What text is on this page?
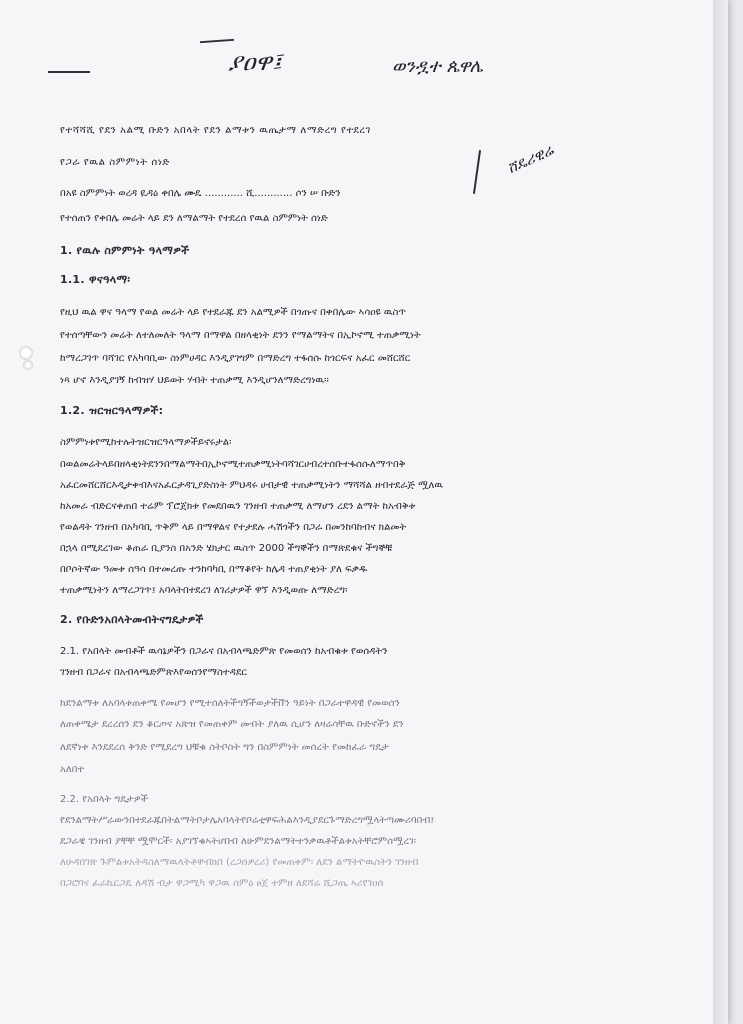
ያዐዋ፤	ወንዷተ ጴዋሌ
ሸዴሪዊሬ
የተሻሻሺ የደን አልሚ ቡድን አበላት የደን ልማቱን ዉጤታማ ለማድረግ የተደረገ
የጋራ የዉል ስምምነት ሰነድ
በአዩ ስምምነት ወረዳ ዪዳዕ ቀበሌ ሙዴ ............ ሺ............ ሶን ሠ ቡድን
የተሰጠን የቀበሌ መሬት ላይ ደን ለማልማት የተደረሰ የዉል ስምምነት ሰነድ
1. የዉሉ ስምምነት ዓላማዎች
1.1. ዋናዓላማ፡
የዚህ ዉል ዋና ዓላማ የወል መሬት ላይ የተደራጁ ደን አልሚዎች በጎጡና በቀበሌው ኣሳዐዩ ዉስጥ
የተሰጣቸውን መሬት ለተለመለት ዓላማ በማዋል በዘላቂነት ደንን የማልማትና በኢኮኖሚ ተጠቃሚነት
ከማረጋገጥ ባሻገር የአካባቢው ስነምሀዳር እንዲያገግም በማድረግ ተፋሰሱ ከጎርፍና አፈር መሸርሸር
ነጻ ሆኖ እንዲያገኝ ከብዝሃ ህይወት ሃብት ተጠቃሚ እንዲሆንለማድረግነዉ።
1.2. ዝርዝርዓላማዎች:
ስምምነቱየሚከተሉትዝርዝርዓላማዎችይኖሩታል፡
በወልመሬትላይበዘላቂነትደንንበማልማትበኢኮኖሚተጠቃሚነትባሻገርሀብረተሰቡተፋሰሱለማጥበቅ
አፈርመሸርሸርእዲታቀብእናአፈርታዳጊያድስነት ምህዳሩ ሀብታዊ ተጠቃሚነትን ማሻሻል ዘብተደራጅ ሟለዉ
ከአመራ ብድርናቀጠበ ተሬም ፕሮጀክቱ የመደበዉን ገንዘብ ተጠቃሚ ለማሆን ረደን ልማት ከአብቅቱ
የወልዳት ገንዘብ በአካባቢ ጥቅም ላይ በማዋልና የተታደሉ ሓሽጎችን በጋራ በመንከባከብና ክልመት
በኋላ በሚደረገው ቆጠራ ቢያንስ በአንድ ሄክታር ዉስጥ 2000 ችግኞችን በማጽደቁና ችግኞቹ
በቦሶትኛው ዓመቱ ሰዓሳ በተመረጡ ተንከባካቢ በማቆየት ከሌዳ ተጠያቂነት ያለ ፍቃዱ
ተጠቃሚነትን ለማረጋገጥ፤ አባላትበተደረገ ለገሪታዎች ዋኘ እንዲወጡ ለማድረግ፡
2. የቡድንአበላትመብትናግዴታዎች
2.1. የአበላት መብቶች ዉሳኔዎችን በጋራና በአብላጫድምጽ የመወሰን ከአብቁቱ የወሰዳትን
ገንዘብ በጋራና በአብላጫድምጽእየወሰንየማስተዳደር
ከደንልማቱ ለአባላቱጠቀሜ የመሆን የሚተሰለትችግኝችወታችቨን ዓይነት በጋራተዋዳዊ የመወሰን
ለጠቀሜታ ደረረሰን ደን ቆርጦና አጽዝ የመጠቀም መብት ያለዉ ሲሆን ለዛሬሳቸዉ ቡድኖችን ደን
ለደኛነቱ እንደደረሰ ቅንድ የሚደረግ ህቹቁ ስትቦስት ግን በስምምነት መሰረት የመከፈራ ግዴታ
አለበተ
2.2. የአበላት ግዴታዎች
የደንልማትሥራውንበተደራጁበትልማትቦታሌአባላትየቦሬቲዋፍሕልእንዲያደርጉማድረግሟላትጣሙሪባበብ፤
ደጋራዌ ገንዘብ ያቸቸ ሟሞርች፡ አያገኘቁኣትሆበብ ለሁምደንልማትተንቃዉቶችልቱአትቸሮምሰሟረገ፡
ለሁዳበገጽ ጉምልቱአትዳስለማዉላትቶዋብክበ (ረጋሰዎረሪ) የመጠቀም፡ ለደን ልማትዮዉስትን ገንዘብ
በጋሮባና ፈራኬርጋዴ ለዳሽ ብታ ዋጋሚካ ዋጋዉ ሰምዕ ፀጀ ተምዘ ለደሻሬ ሺጋጤ ኣሪየገዐሰ
